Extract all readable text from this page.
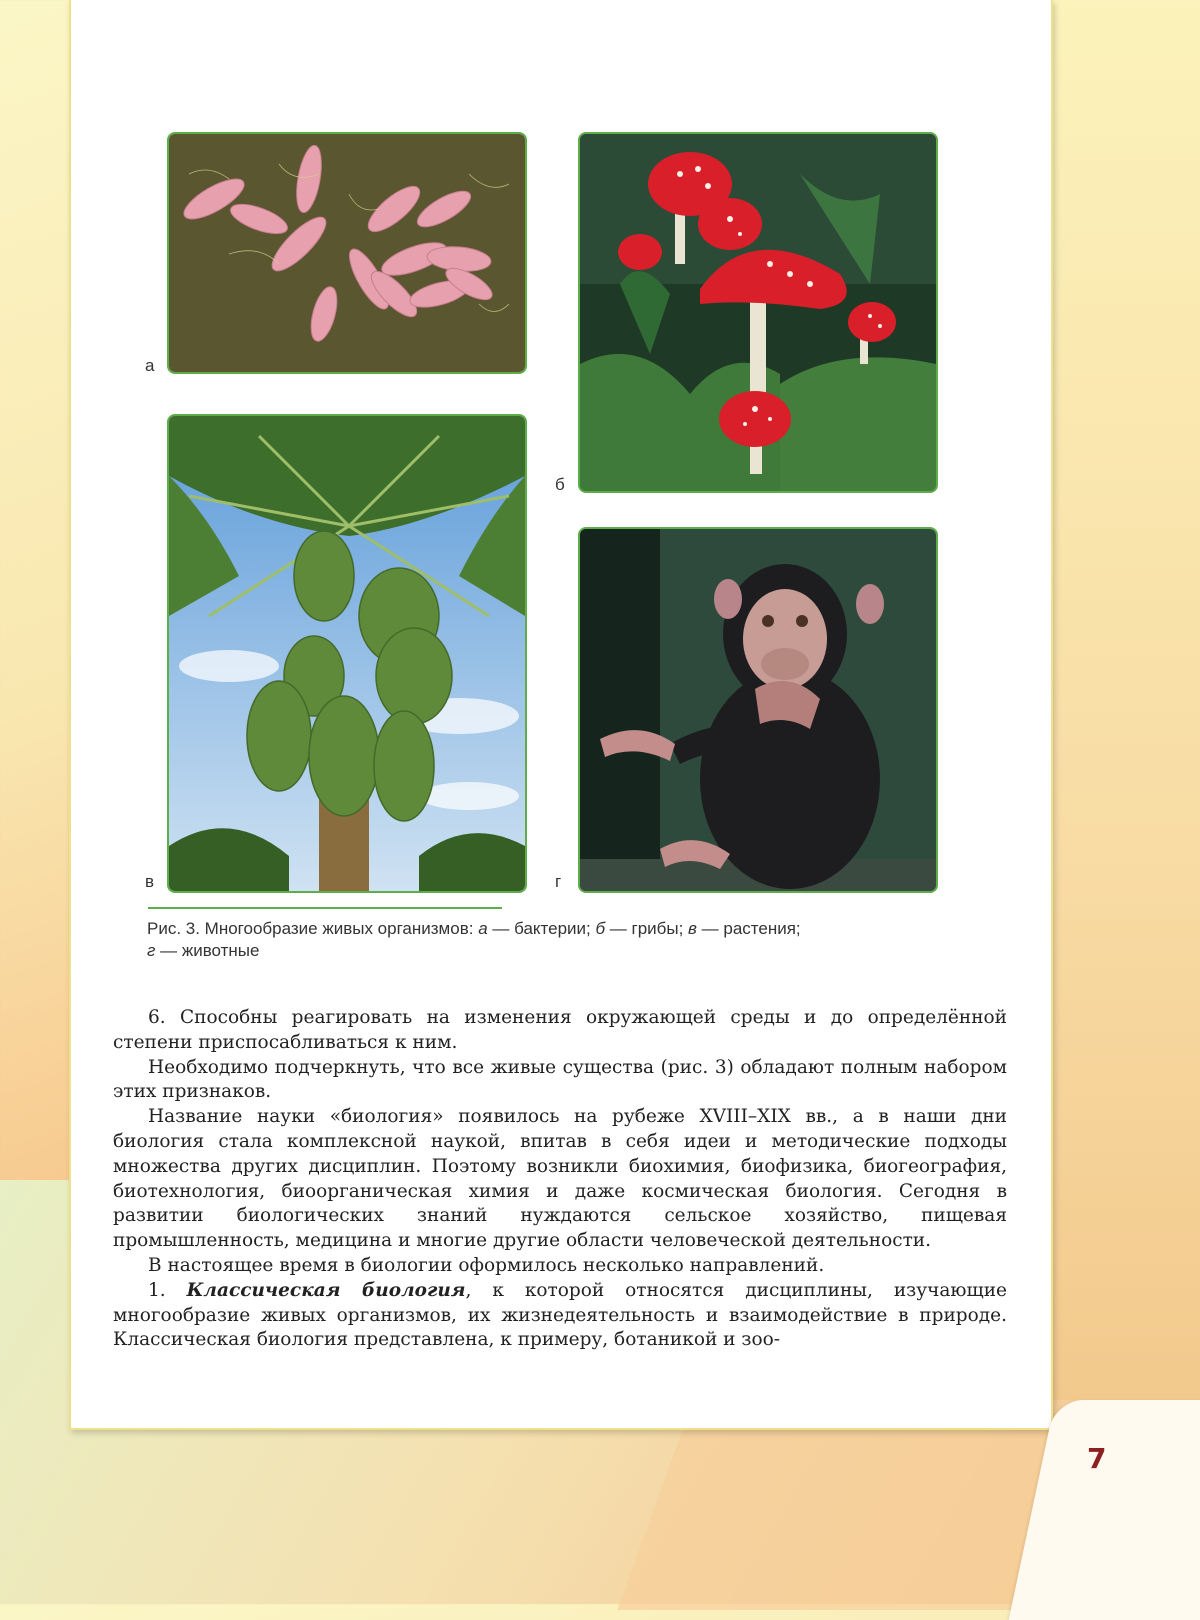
а
б
в	г
Рис. 3. Многообразие живых организмов: а — бактерии; б — грибы; в — растения;
г — животные

6. Способны реагировать на изменения окружающей среды и до определённой степени приспосабливаться к ним.

Необходимо подчеркнуть, что все живые существа (рис. 3) обладают полным набором этих признаков.

Название науки «биология» появилось на рубеже XVIII–XIX вв., а в наши дни биология стала комплексной наукой, впитав в себя идеи и методические подходы множества других дисциплин. Поэтому возникли биохимия, биофизика, биогеография, биотехнология, биоорганическая химия и даже космическая биология. Сегодня в развитии биологических знаний нуждаются сельское хозяйство, пищевая промышленность, медицина и многие другие области человеческой деятельности.

В настоящее время в биологии оформилось несколько направлений.

1. Классическая биология, к которой относятся дисциплины, изучающие многообразие живых организмов, их жизнедеятельность и взаимодействие в природе. Классическая биология представлена, к примеру, ботаникой и зоо-

7
